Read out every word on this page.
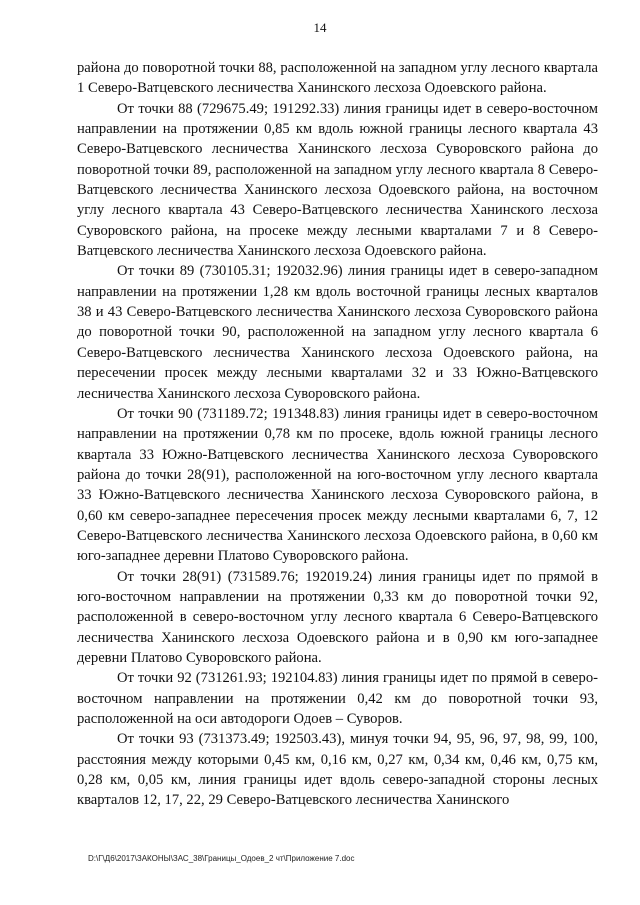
14

района до поворотной точки 88, расположенной на западном углу лесного квартала 1 Северо-Ватцевского лесничества Ханинского лесхоза Одоевского района.

От точки 88 (729675.49; 191292.33) линия границы идет в северо-восточном направлении на протяжении 0,85 км вдоль южной границы лесного квартала 43 Северо-Ватцевского лесничества Ханинского лесхоза Суворовского района до поворотной точки 89, расположенной на западном углу лесного квартала 8 Северо-Ватцевского лесничества Ханинского лесхоза Одоевского района, на восточном углу лесного квартала 43 Северо-Ватцевского лесничества Ханинского лесхоза Суворовского района, на просеке между лесными кварталами 7 и 8 Северо-Ватцевского лесничества Ханинского лесхоза Одоевского района.

От точки 89 (730105.31; 192032.96) линия границы идет в северо-западном направлении на протяжении 1,28 км вдоль восточной границы лесных кварталов 38 и 43 Северо-Ватцевского лесничества Ханинского лесхоза Суворовского района до поворотной точки 90, расположенной на западном углу лесного квартала 6 Северо-Ватцевского лесничества Ханинского лесхоза Одоевского района, на пересечении просек между лесными кварталами 32 и 33 Южно-Ватцевского лесничества Ханинского лесхоза Суворовского района.

От точки 90 (731189.72; 191348.83) линия границы идет в северо-восточном направлении на протяжении 0,78 км по просеке, вдоль южной границы лесного квартала 33 Южно-Ватцевского лесничества Ханинского лесхоза Суворовского района до точки 28(91), расположенной на юго-восточном углу лесного квартала 33 Южно-Ватцевского лесничества Ханинского лесхоза Суворовского района, в 0,60 км северо-западнее пересечения просек между лесными кварталами 6, 7, 12 Северо-Ватцевского лесничества Ханинского лесхоза Одоевского района, в 0,60 км юго-западнее деревни Платово Суворовского района.

От точки 28(91) (731589.76; 192019.24) линия границы идет по прямой в юго-восточном направлении на протяжении 0,33 км до поворотной точки 92, расположенной в северо-восточном углу лесного квартала 6 Северо-Ватцевского лесничества Ханинского лесхоза Одоевского района и в 0,90 км юго-западнее деревни Платово Суворовского района.

От точки 92 (731261.93; 192104.83) линия границы идет по прямой в северо-восточном направлении на протяжении 0,42 км до поворотной точки 93, расположенной на оси автодороги Одоев – Суворов.

От точки 93 (731373.49; 192503.43), минуя точки 94, 95, 96, 97, 98, 99, 100, расстояния между которыми 0,45 км, 0,16 км, 0,27 км, 0,34 км, 0,46 км, 0,75 км, 0,28 км, 0,05 км, линия границы идет вдоль северо-западной стороны лесных кварталов 12, 17, 22, 29 Северо-Ватцевского лесничества Ханинского

D:\Г\Д6\2017\ЗАКОНЫ\ЗАС_38\Границы_Одоев_2 чт\Приложение 7.doc
